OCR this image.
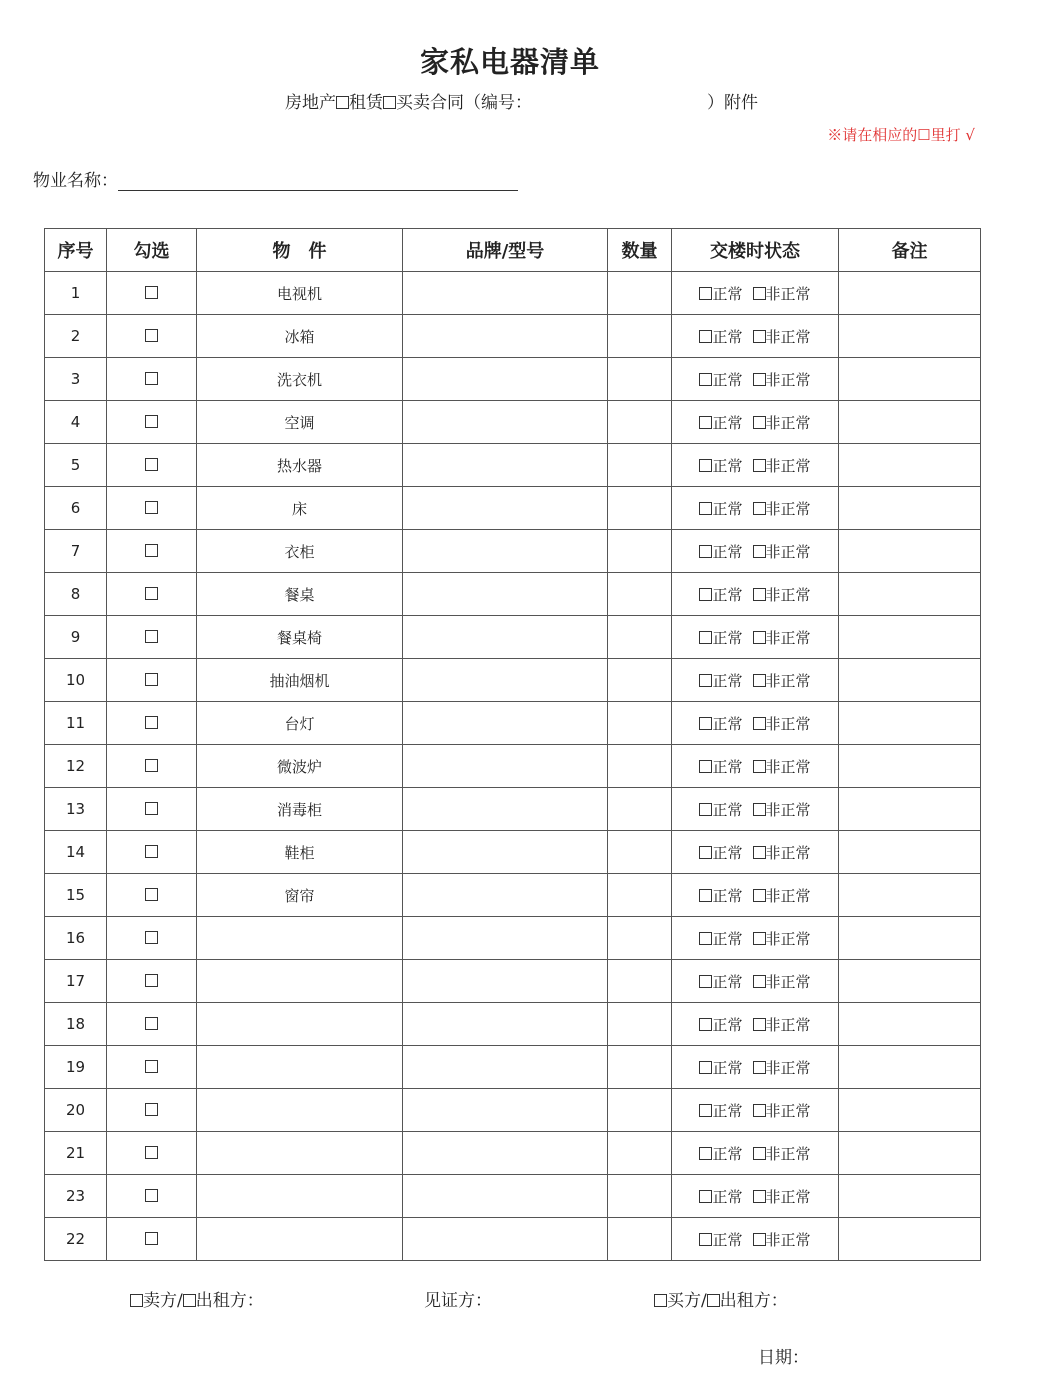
家私电器清单
房地产 租赁 买卖合同（编号：	）附件
※请在相应的☐里打 √
物业名称：
序号	勾选	物　件	品牌/型号	数量	交楼时状态	备注
1		电视机			正常 非正常	
2		冰箱			正常 非正常	
3		洗衣机			正常 非正常	
4		空调			正常 非正常	
5		热水器			正常 非正常	
6		床			正常 非正常	
7		衣柜			正常 非正常	
8		餐桌			正常 非正常	
9		餐桌椅			正常 非正常	
10		抽油烟机			正常 非正常	
11		台灯			正常 非正常	
12		微波炉			正常 非正常	
13		消毒柜			正常 非正常	
14		鞋柜			正常 非正常	
15		窗帘			正常 非正常	
16					正常 非正常	
17					正常 非正常	
18					正常 非正常	
19					正常 非正常	
20					正常 非正常	
21					正常 非正常	
23					正常 非正常	
22					正常 非正常	
卖方/ 出租方：	见证方：	买方/ 出租方：
日期：
